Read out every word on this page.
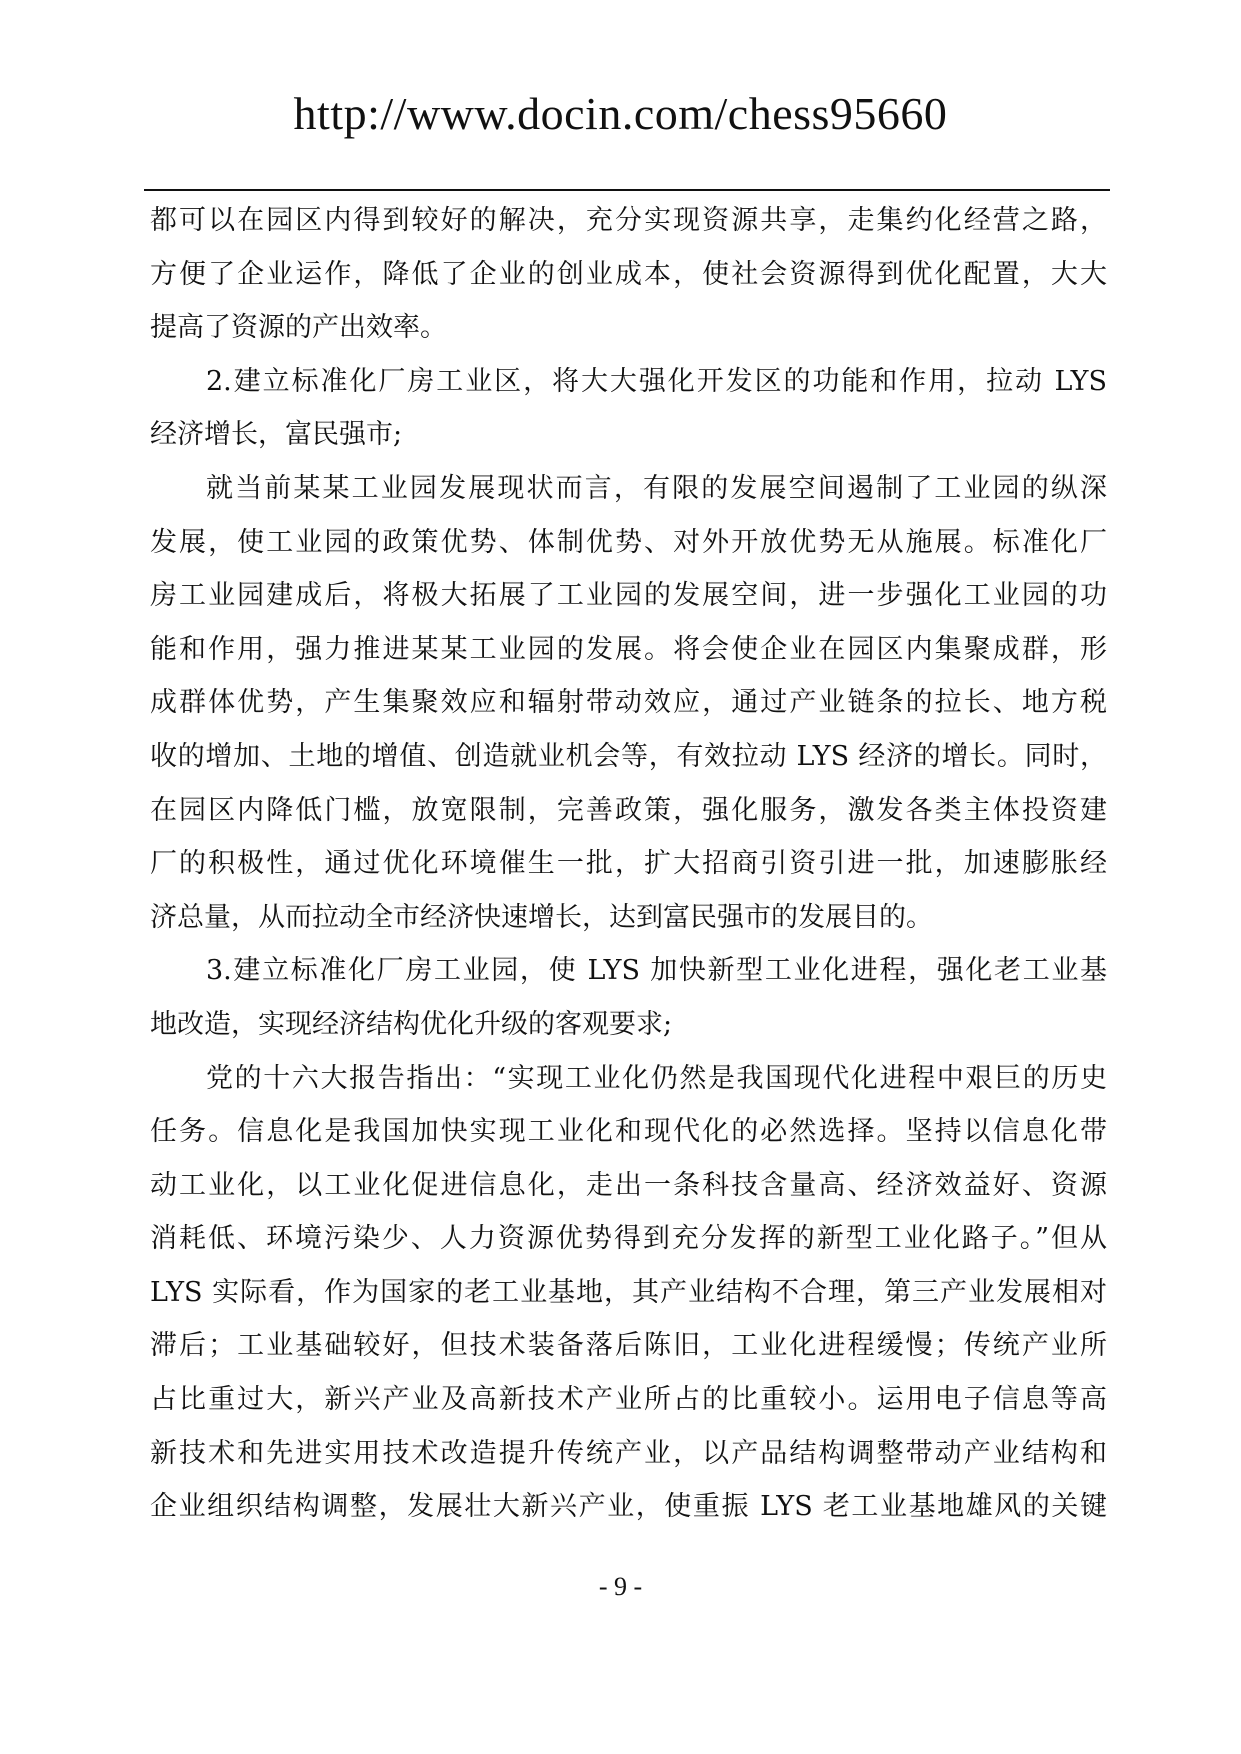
http://www.docin.com/chess95660
都可以在园区内得到较好的解决，充分实现资源共享，走集约化经营之路，
方便了企业运作，降低了企业的创业成本，使社会资源得到优化配置，大大
提高了资源的产出效率。
2.建立标准化厂房工业区，将大大强化开发区的功能和作用，拉动 LYS
经济增长，富民强市;
就当前某某工业园发展现状而言，有限的发展空间遏制了工业园的纵深
发展，使工业园的政策优势、体制优势、对外开放优势无从施展。标准化厂
房工业园建成后，将极大拓展了工业园的发展空间，进一步强化工业园的功
能和作用，强力推进某某工业园的发展。将会使企业在园区内集聚成群，形
成群体优势，产生集聚效应和辐射带动效应，通过产业链条的拉长、地方税
收的增加、土地的增值、创造就业机会等，有效拉动 LYS 经济的增长。同时，
在园区内降低门槛，放宽限制，完善政策，强化服务，激发各类主体投资建
厂的积极性，通过优化环境催生一批，扩大招商引资引进一批，加速膨胀经
济总量，从而拉动全市经济快速增长，达到富民强市的发展目的。
3.建立标准化厂房工业园，使 LYS 加快新型工业化进程，强化老工业基
地改造，实现经济结构优化升级的客观要求;
党的十六大报告指出：“实现工业化仍然是我国现代化进程中艰巨的历史
任务。信息化是我国加快实现工业化和现代化的必然选择。坚持以信息化带
动工业化，以工业化促进信息化，走出一条科技含量高、经济效益好、资源
消耗低、环境污染少、人力资源优势得到充分发挥的新型工业化路子。”但从
LYS 实际看，作为国家的老工业基地，其产业结构不合理，第三产业发展相对
滞后；工业基础较好，但技术装备落后陈旧，工业化进程缓慢；传统产业所
占比重过大，新兴产业及高新技术产业所占的比重较小。运用电子信息等高
新技术和先进实用技术改造提升传统产业，以产品结构调整带动产业结构和
企业组织结构调整，发展壮大新兴产业，使重振 LYS 老工业基地雄风的关键
- 9 -
